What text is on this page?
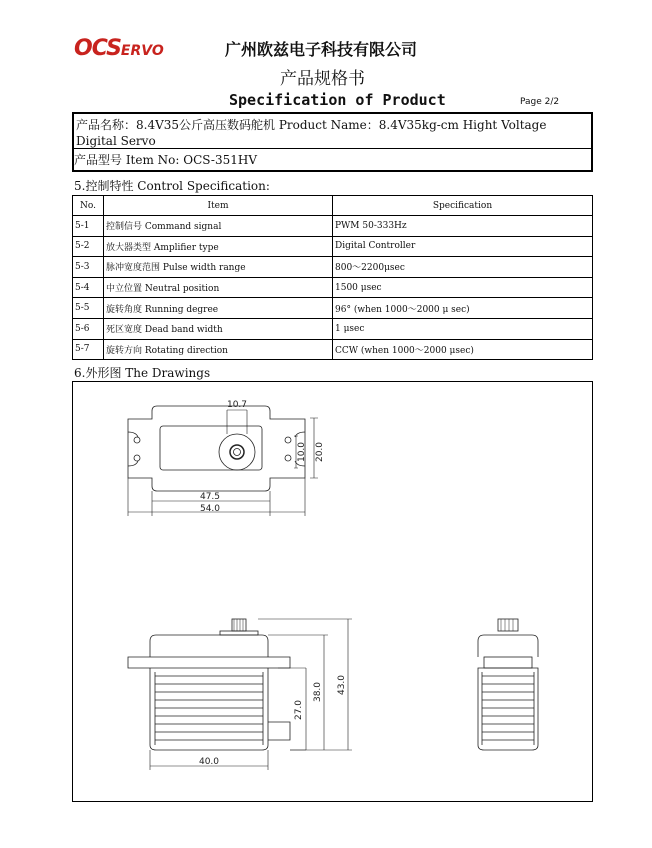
OCSERVO	广州欧兹电子科技有限公司
产品规格书
Specification of Product	Page 2/2
产品名称：8.4V35公斤高压数码舵机 Product Name：8.4V35kg-cm Hight Voltage Digital Servo
产品型号 Item No: OCS-351HV
5.控制特性 Control Specification:
No.	Item	Specification
5-1	控制信号 Command signal	PWM 50-333Hz
5-2	放大器类型 Amplifier type	Digital Controller
5-3	脉冲宽度范围 Pulse width range	800～2200μsec
5-4	中立位置 Neutral position	1500 μsec
5-5	旋转角度 Running degree	96° (when 1000～2000 μ sec)
5-6	死区宽度 Dead band width	1 μsec
5-7	旋转方向 Rotating direction	CCW (when 1000～2000 μsec)
6.外形图 The Drawings
10.7
10.0 20.0
47.5
54.0
40.0
27.0
38.0 43.0
